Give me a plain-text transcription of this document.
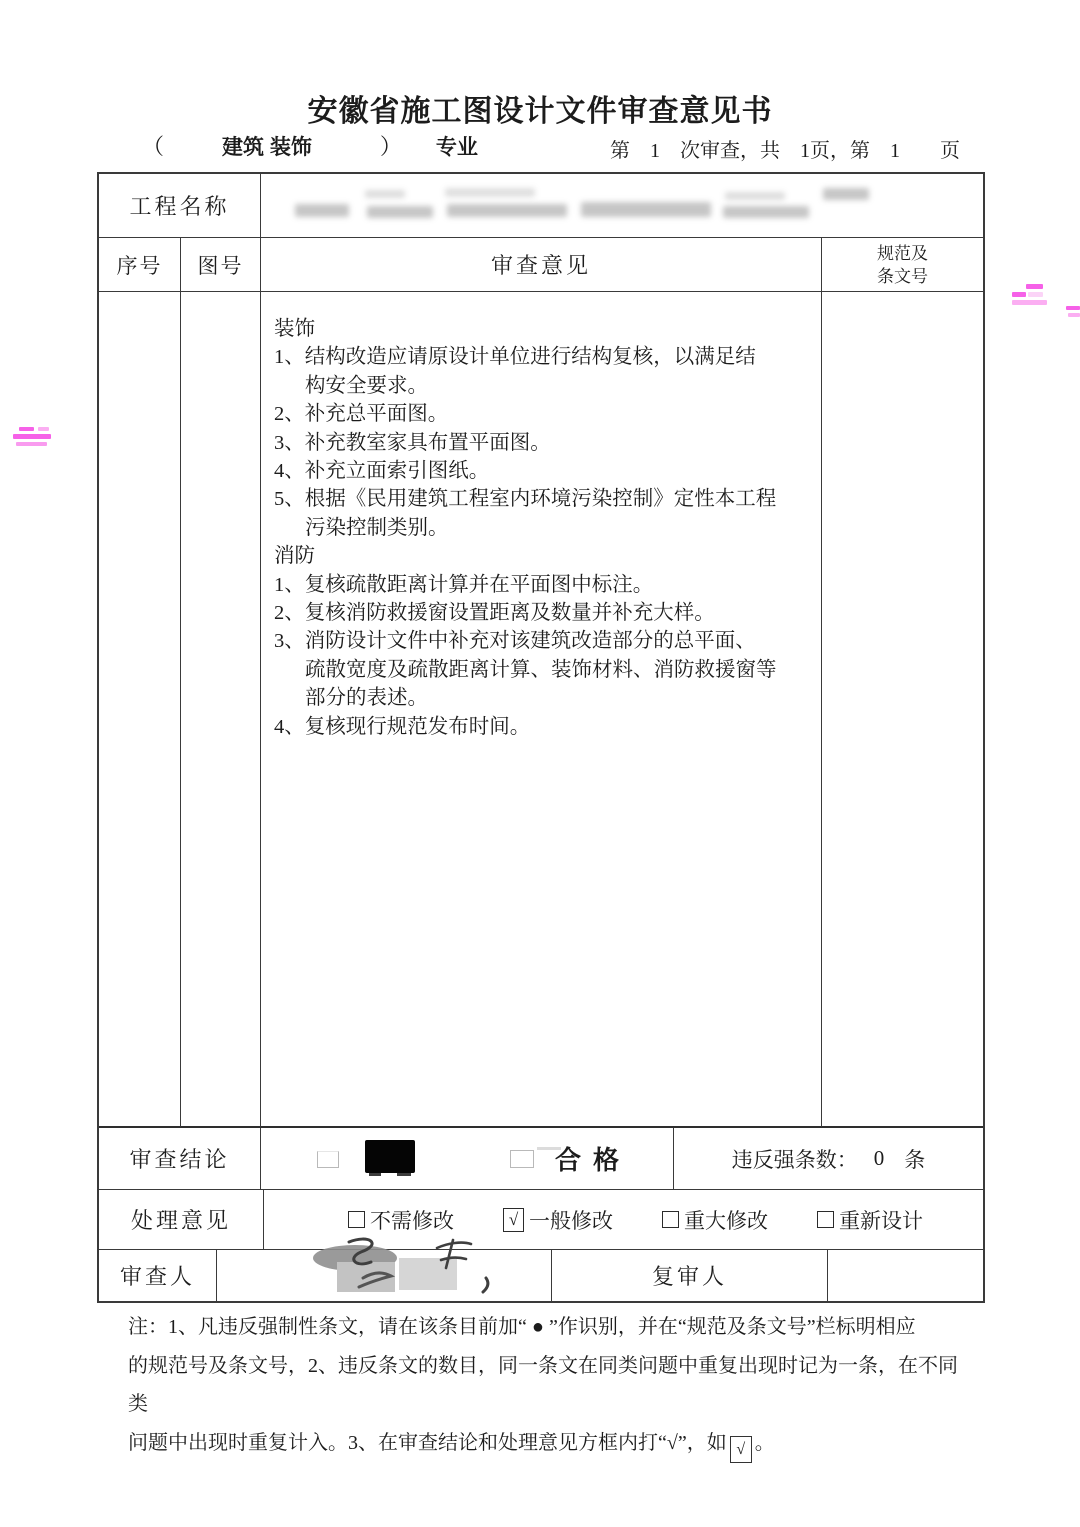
安徽省施工图设计文件审查意见书
（	建筑 装饰	） 专业	第　1　次审查，共　1页，第　1　　页
工程名称
序号	图号	审查意见	规范及
条文号
装饰
1、结构改造应请原设计单位进行结构复核，以满足结
构安全要求。
2、补充总平面图。
3、补充教室家具布置平面图。
4、补充立面索引图纸。
5、根据《民用建筑工程室内环境污染控制》定性本工程
污染控制类别。
消防
1、复核疏散距离计算并在平面图中标注。
2、复核消防救援窗设置距离及数量并补充大样。
3、消防设计文件中补充对该建筑改造部分的总平面、
疏散宽度及疏散距离计算、装饰材料、消防救援窗等
部分的表述。
4、复核现行规范发布时间。
审查结论	合格	违反强条数： 0 条
处理意见	不需修改	√ 一般修改	重大修改	重新设计
审查人	复审人
注：1、凡违反强制性条文，请在该条目前加“ ● ”作识别，并在“规范及条文号”栏标明相应
的规范号及条文号，2、违反条文的数目，同一条文在同类问题中重复出现时记为一条，在不同类
问题中出现时重复计入。3、在审查结论和处理意见方框内打“√”，如 √ 。
